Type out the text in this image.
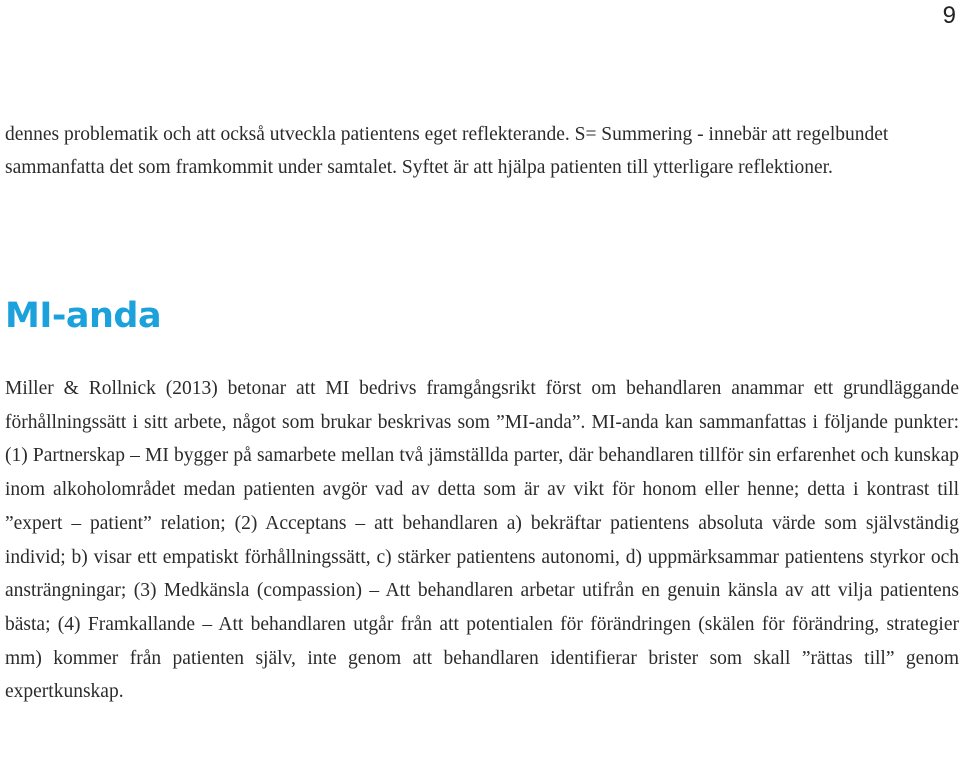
9

dennes problematik och att också utveckla patientens eget reflekterande. S= Summering - innebär att regelbundet sammanfatta det som framkommit under samtalet. Syftet är att hjälpa patienten till ytterligare reflektioner.

MI-anda

Miller & Rollnick (2013) betonar att MI bedrivs framgångsrikt först om behandlaren anammar ett grundläggande förhållningssätt i sitt arbete, något som brukar beskrivas som ”MI-anda”. MI-anda kan sammanfattas i följande punkter: (1) Partnerskap – MI bygger på samarbete mellan två jämställda parter, där behandlaren tillför sin erfarenhet och kunskap inom alkoholområdet medan patienten avgör vad av detta som är av vikt för honom eller henne; detta i kontrast till ”expert – patient” relation; (2) Acceptans – att behandlaren a) bekräftar patientens absoluta värde som självständig individ; b) visar ett empatiskt förhållningssätt, c) stärker patientens autonomi, d) uppmärksammar patientens styrkor och ansträngningar; (3) Medkänsla (compassion) – Att behandlaren arbetar utifrån en genuin känsla av att vilja patientens bästa; (4) Framkallande – Att behandlaren utgår från att potentialen för förändringen (skälen för förändring, strategier mm) kommer från patienten själv, inte genom att behandlaren identifierar brister som skall ”rättas till” genom expertkunskap.
